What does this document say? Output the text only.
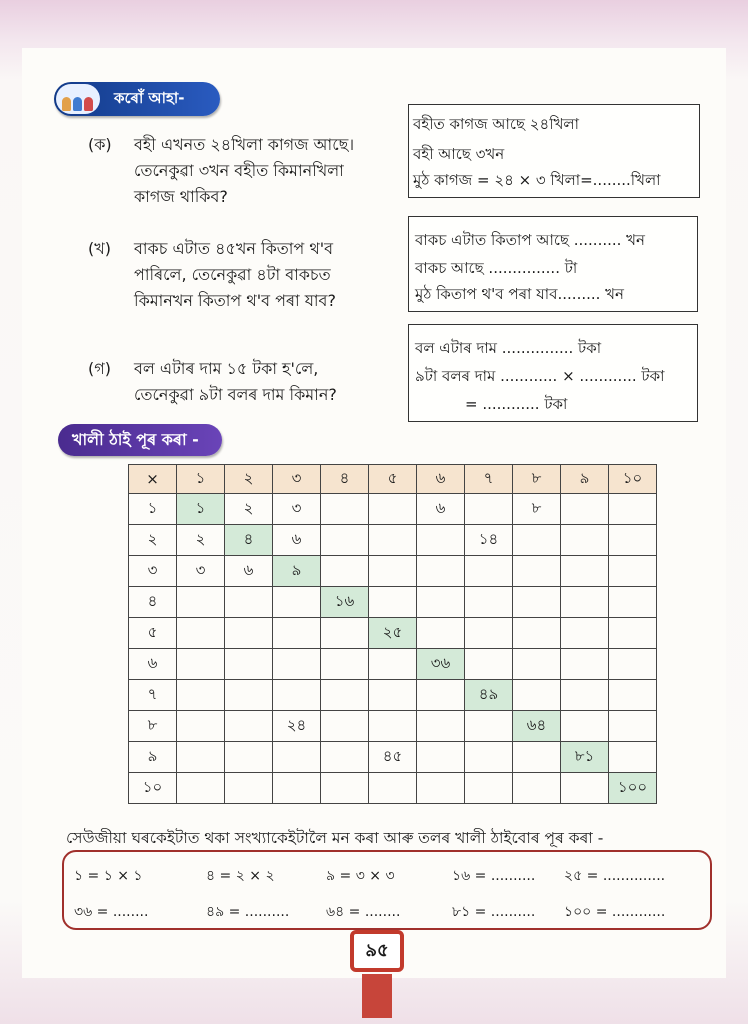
কৰোঁ আহা-
(ক) বহী এখনত ২৪খিলা কাগজ আছে।
তেনেকুৱা ৩খন বহীত কিমানখিলা
কাগজ থাকিব?
(খ) বাকচ এটাত ৪৫খন কিতাপ থ'ব
পাৰিলে, তেনেকুৱা ৪টা বাকচত
কিমানখন কিতাপ থ'ব পৰা যাব?
(গ) বল এটাৰ দাম ১৫ টকা হ'লে,
তেনেকুৱা ৯টা বলৰ দাম কিমান?
বহীত কাগজ আছে ২৪খিলা
বহী আছে ৩খন
মুঠ কাগজ = ২৪ × ৩ খিলা=........খিলা
বাকচ এটাত কিতাপ আছে .......... খন
বাকচ আছে ............... টা
মুঠ কিতাপ থ'ব পৰা যাব......... খন
বল এটাৰ দাম ............... টকা
৯টা বলৰ দাম ............ × ............ টকা
= ............ টকা
খালী ঠাই পূৰ কৰা -
×	১	২	৩	৪	৫	৬	৭	৮	৯	১০
১	১	২	৩			৬		৮		
২	২	৪	৬				১৪			
৩	৩	৬	৯							
৪				১৬						
৫					২৫					
৬						৩৬				
৭							৪৯			
৮			২৪					৬৪		
৯					৪৫				৮১	
১০										১০০
সেউজীয়া ঘৰকেইটাত থকা সংখ্যাকেইটালৈ মন কৰা আৰু তলৰ খালী ঠাইবোৰ পূৰ কৰা -
১ = ১ × ১	৪ = ২ × ২	৯ = ৩ × ৩	১৬ = .......... ২৫ = ..............
৩৬ = ........	৪৯ = ..........	৬৪ = ........	৮১ = .......... ১০০ = ............
৯৫
